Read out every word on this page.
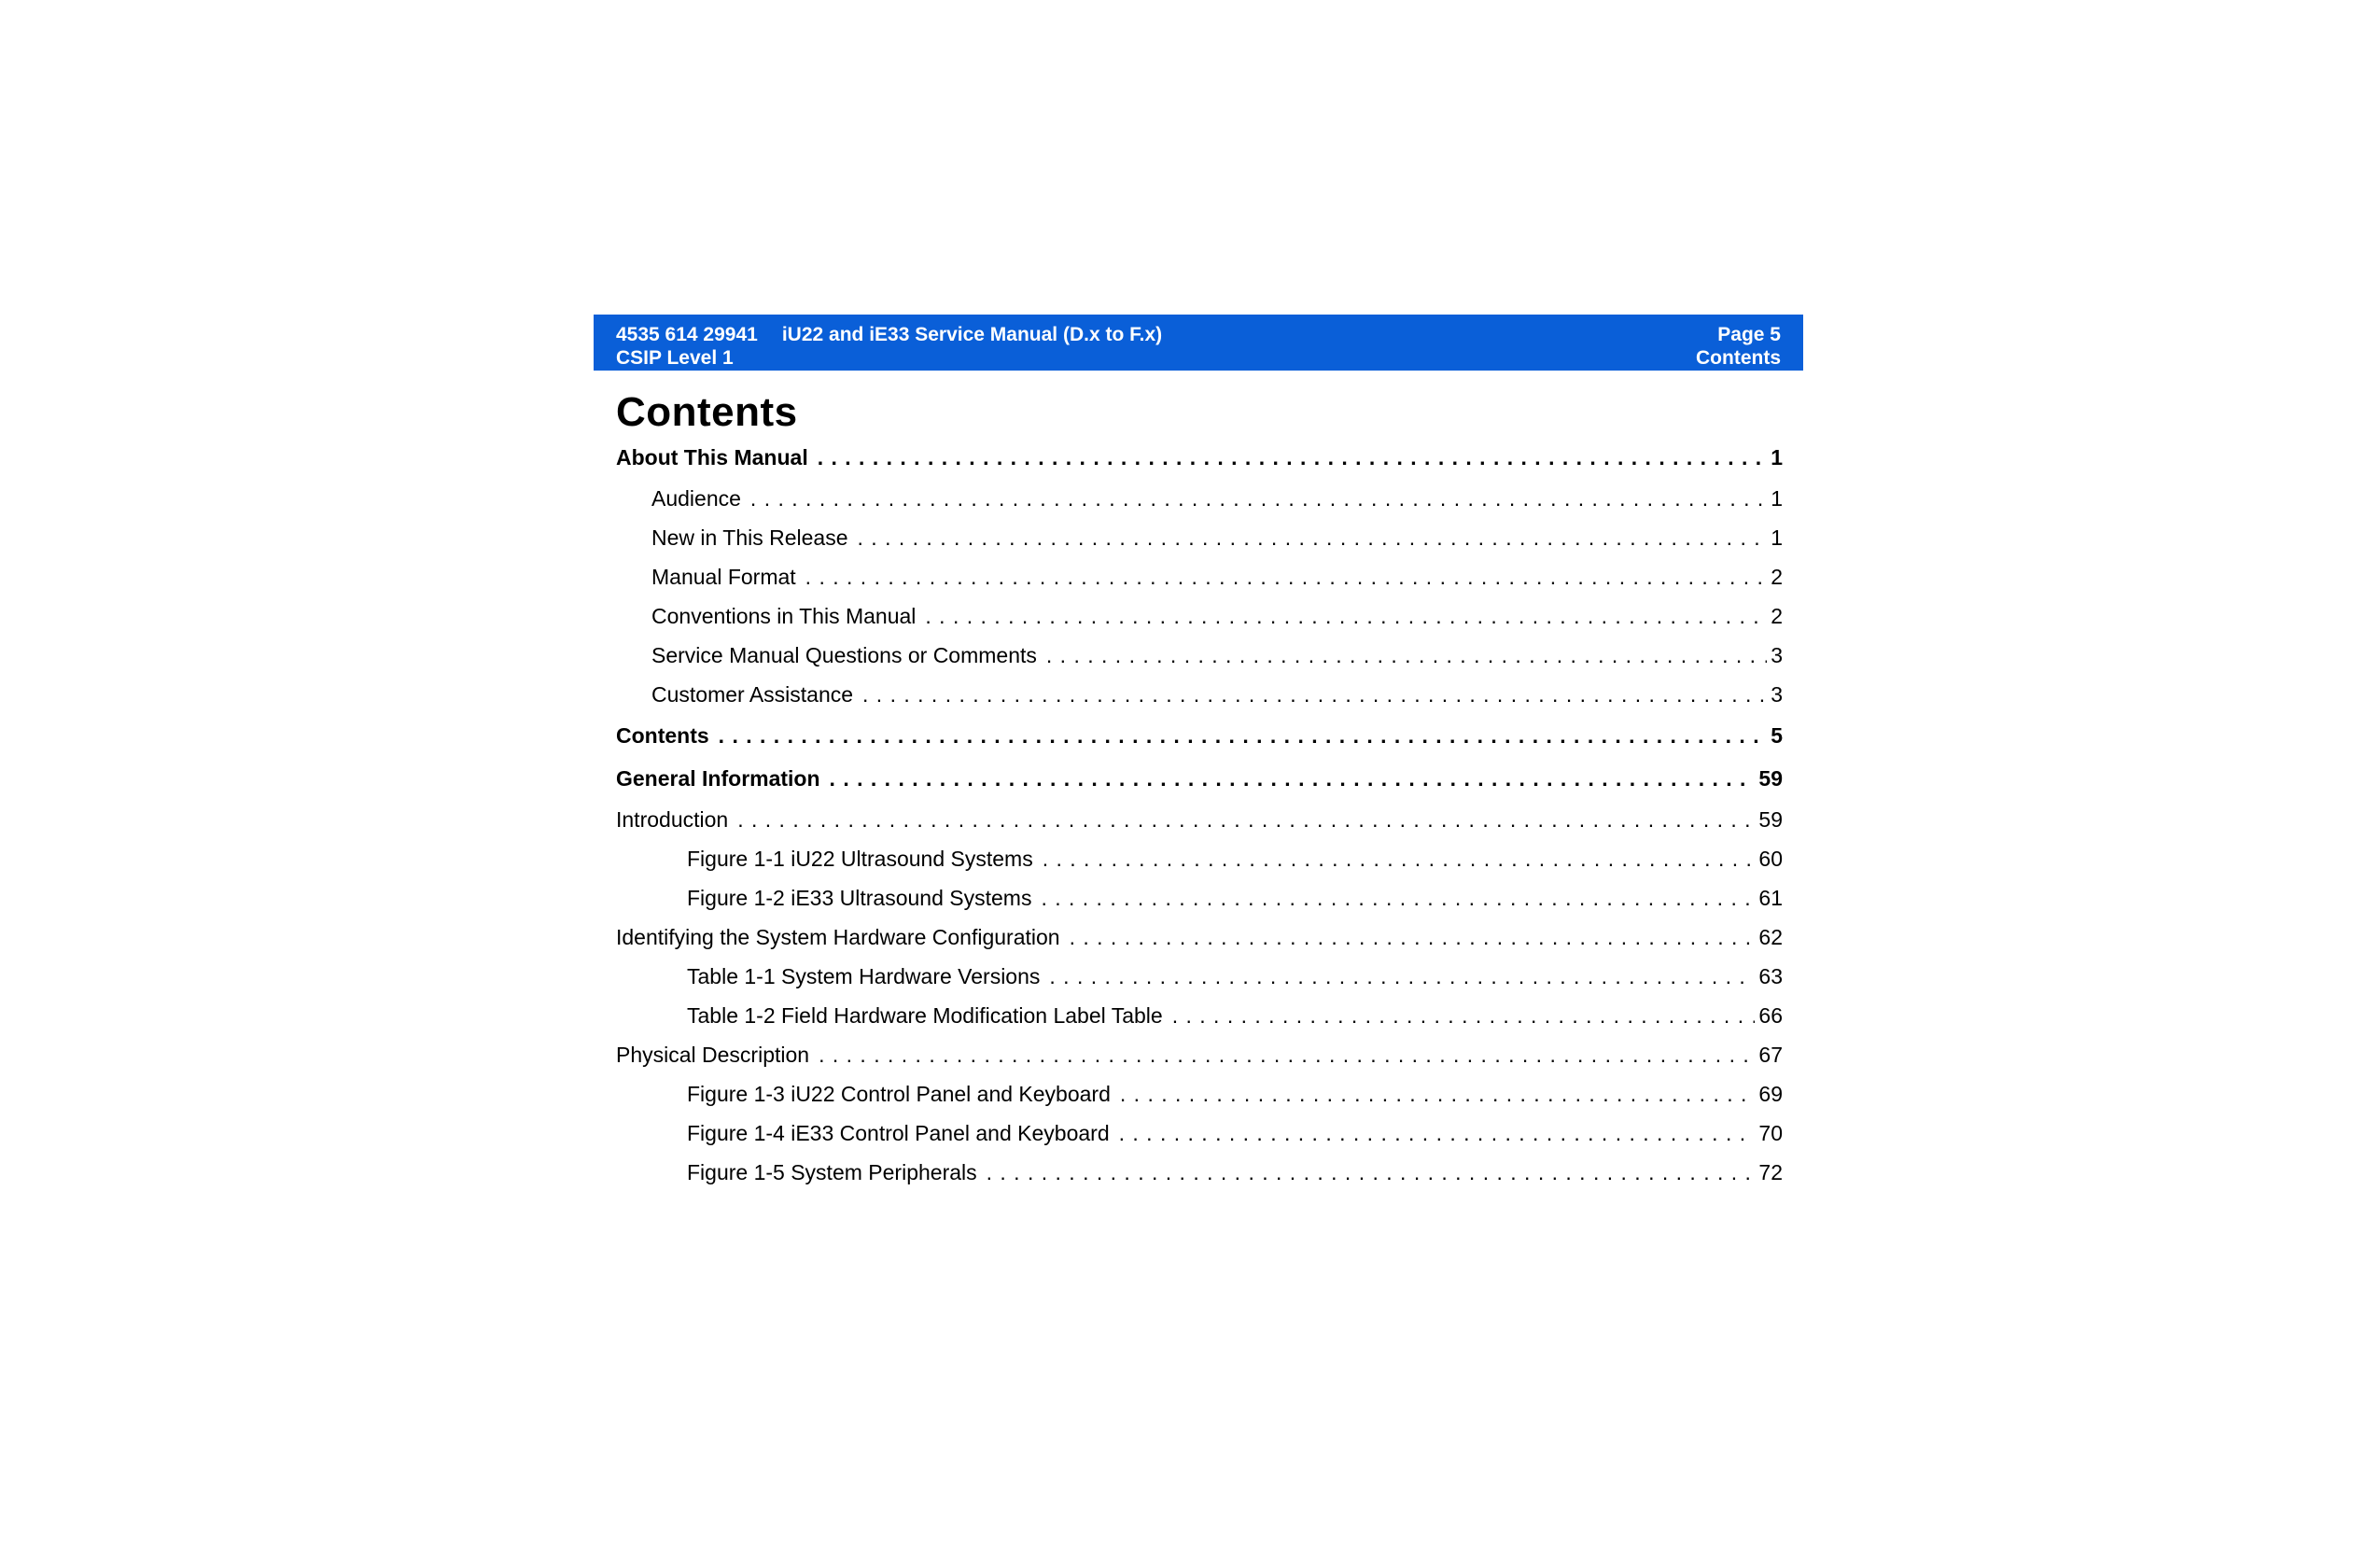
4535 614 29941 iU22 and iE33 Service Manual (D.x to F.x)
CSIP Level 1
Page 5
Contents
Contents
About This Manual . . .	1
Audience . . .	1
New in This Release . . .	1
Manual Format . . .	2
Conventions in This Manual . . .	2
Service Manual Questions or Comments . . .	3
Customer Assistance . . .	3
Contents . . .	5
General Information . . .	59
Introduction . . .	59
Figure 1-1 iU22 Ultrasound Systems . . .	60
Figure 1-2 iE33 Ultrasound Systems . . .	61
Identifying the System Hardware Configuration . . .	62
Table 1-1 System Hardware Versions . . .	63
Table 1-2 Field Hardware Modification Label Table . . .	66
Physical Description . . .	67
Figure 1-3 iU22 Control Panel and Keyboard . . .	69
Figure 1-4 iE33 Control Panel and Keyboard . . .	70
Figure 1-5 System Peripherals . . .	72
